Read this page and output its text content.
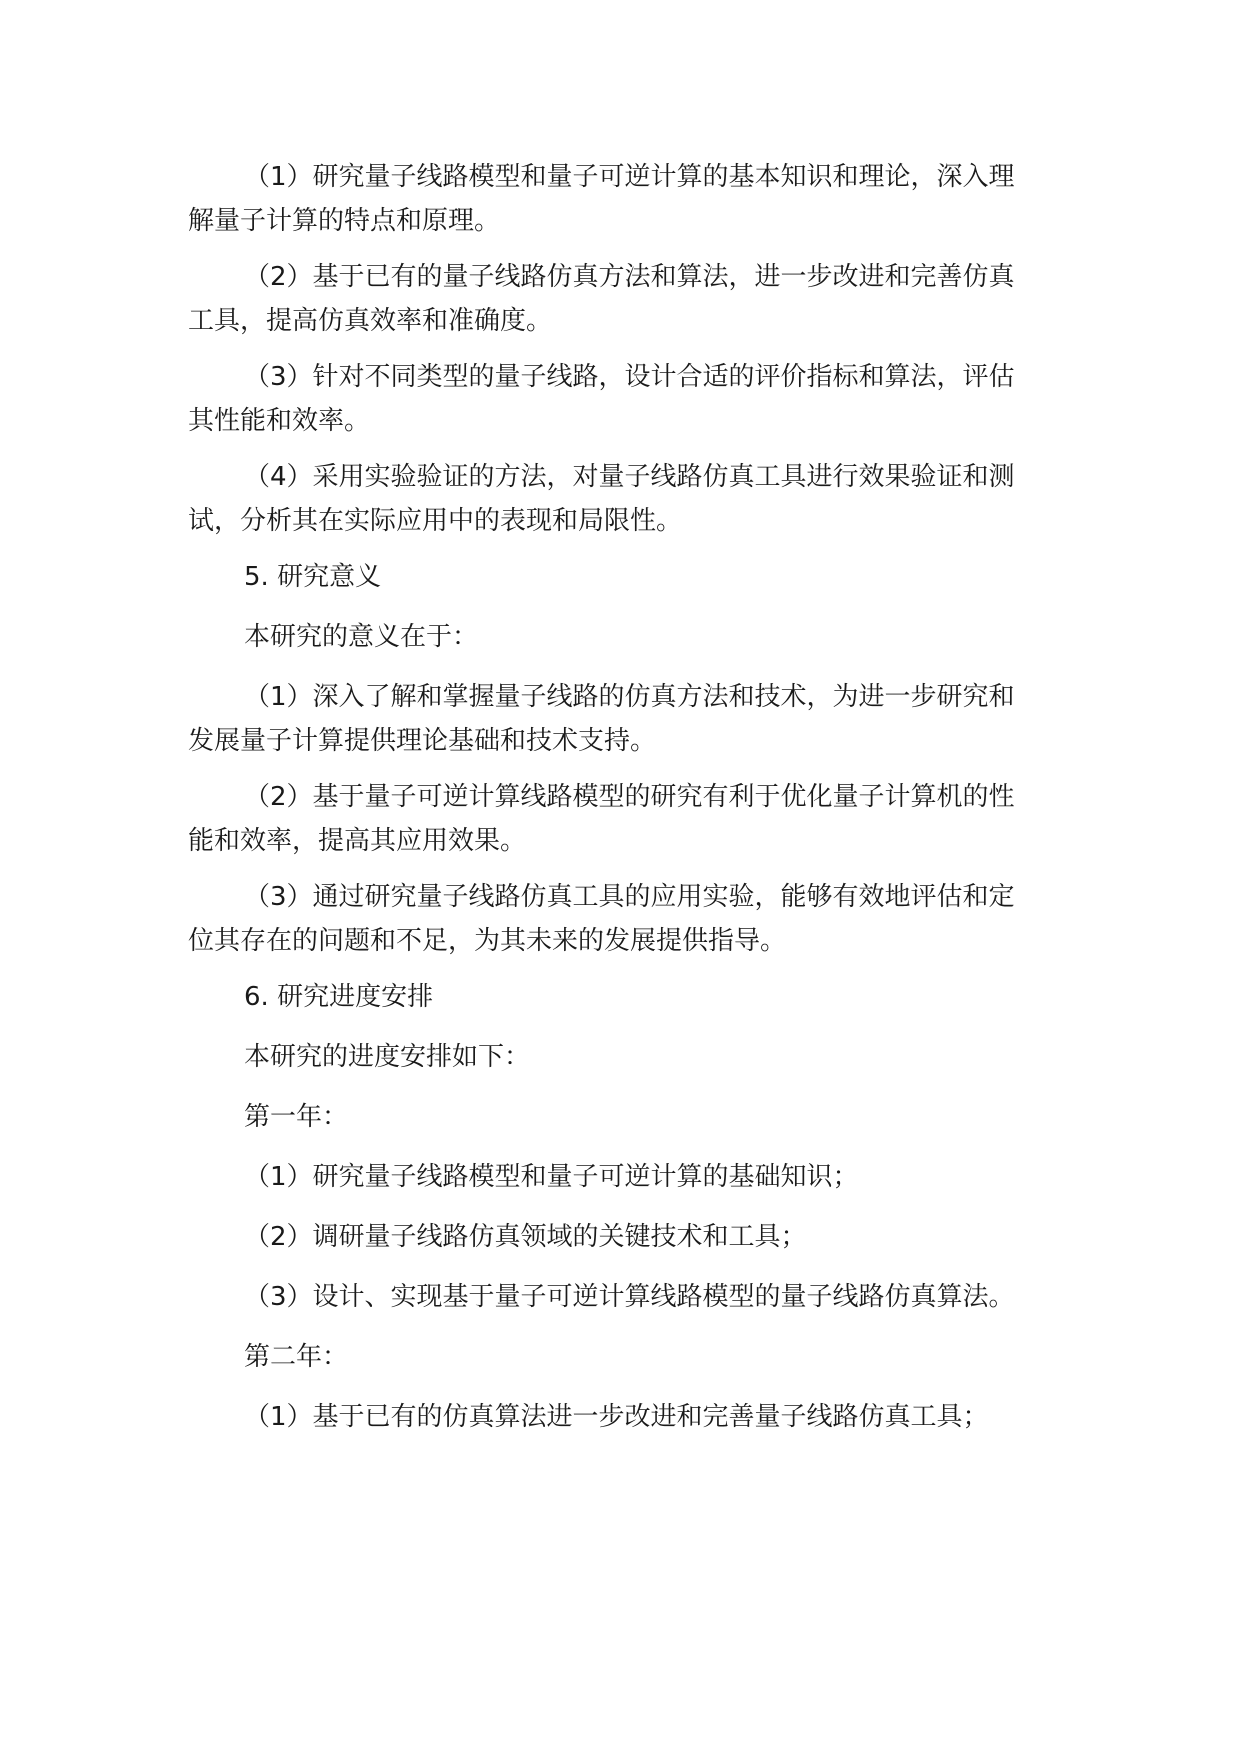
（1）研究量子线路模型和量子可逆计算的基本知识和理论，深入理
解量子计算的特点和原理。
（2）基于已有的量子线路仿真方法和算法，进一步改进和完善仿真
工具，提高仿真效率和准确度。
（3）针对不同类型的量子线路，设计合适的评价指标和算法，评估
其性能和效率。
（4）采用实验验证的方法，对量子线路仿真工具进行效果验证和测
试，分析其在实际应用中的表现和局限性。
5. 研究意义
本研究的意义在于：
（1）深入了解和掌握量子线路的仿真方法和技术，为进一步研究和
发展量子计算提供理论基础和技术支持。
（2）基于量子可逆计算线路模型的研究有利于优化量子计算机的性
能和效率，提高其应用效果。
（3）通过研究量子线路仿真工具的应用实验，能够有效地评估和定
位其存在的问题和不足，为其未来的发展提供指导。
6. 研究进度安排
本研究的进度安排如下：
第一年：
（1）研究量子线路模型和量子可逆计算的基础知识；
（2）调研量子线路仿真领域的关键技术和工具；
（3）设计、实现基于量子可逆计算线路模型的量子线路仿真算法。
第二年：
（1）基于已有的仿真算法进一步改进和完善量子线路仿真工具；
